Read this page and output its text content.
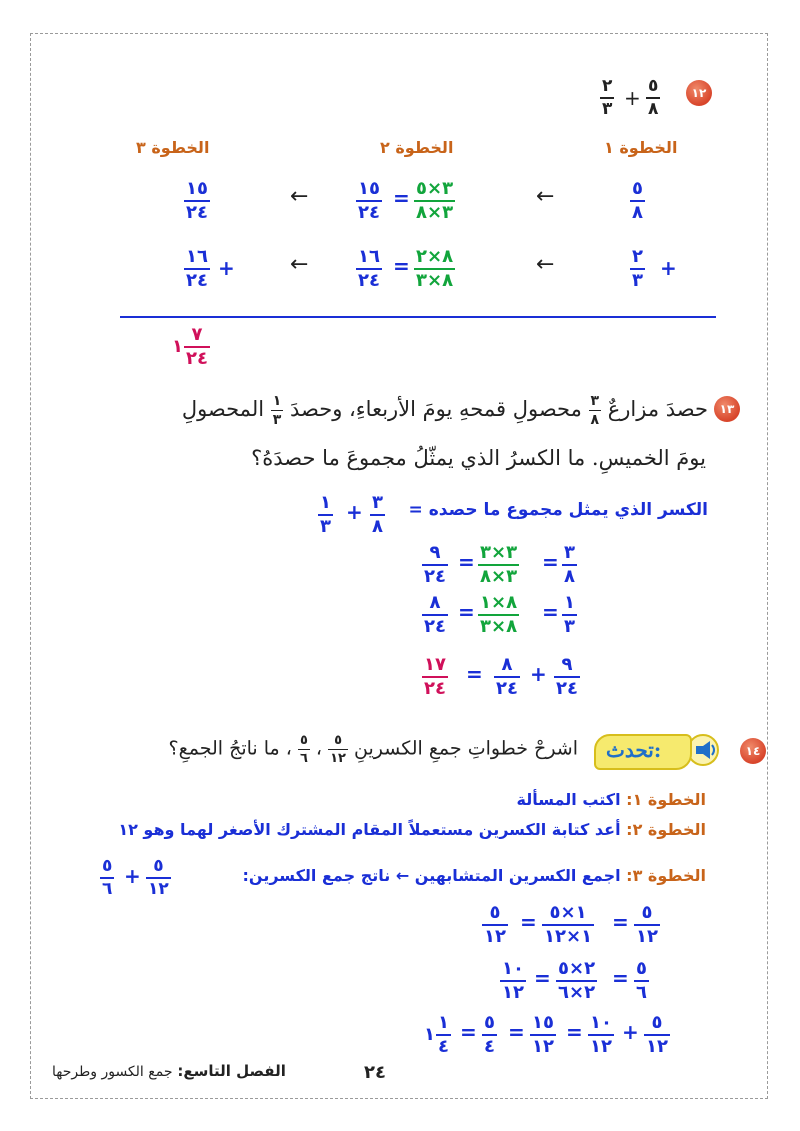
١٢
٥
٨
+
٢
٣
الخطوة ١
الخطوة ٢
الخطوة ٣
٥
٨
←
٣×٥
٣×٨
=
١٥
٢٤
←
١٥
٢٤
+
٢
٣
←
٨×٢
٨×٣
=
١٦
٢٤
←
١٦
٢٤
+
١
٧
٢٤
١٣
حصدَ مزارعٌ
$\frac{٣}{٨}$
محصولِ قمحهِ يومَ الأربعاءِ، وحصدَ
$\frac{١}{٣}$
المحصولِ
يومَ الخميسِ. ما الكسرُ الذي يمثّلُ مجموعَ ما حصدَهُ؟
الكسر الذي يمثل مجموع ما حصده =
٣
٨
+
١
٣
٣
٨
=
٣×٣
٣×٨
=
٩
٢٤
١
٣
=
٨×١
٨×٣
=
٨
٢٤
٩
٢٤
+
٨
٢٤
=
١٧
٢٤
١٤
تحدث:
اشرحْ خطواتِ جمعِ الكسرينِ
$\frac{٥}{١٢}$
،
$\frac{٥}{٦}$
، ما ناتجُ الجمعِ؟
الخطوة ١: اكتب المسألة
الخطوة ٢: أعد كتابة الكسرين مستعملاً المقام المشترك الأصغر لهما وهو ١٢
الخطوة ٣: اجمع الكسرين المتشابهين ← ناتج جمع الكسرين:
٥
١٢
+
٥
٦
٥
١٢
=
١×٥
١×١٢
=
٥
١٢
٥
٦
=
٢×٥
٢×٦
=
١٠
١٢
٥
١٢
+
١٠
١٢
=
١٥
١٢
=
٥
٤
=
١
٤
١
٢٤
الفصل التاسع: جمع الكسور وطرحها
